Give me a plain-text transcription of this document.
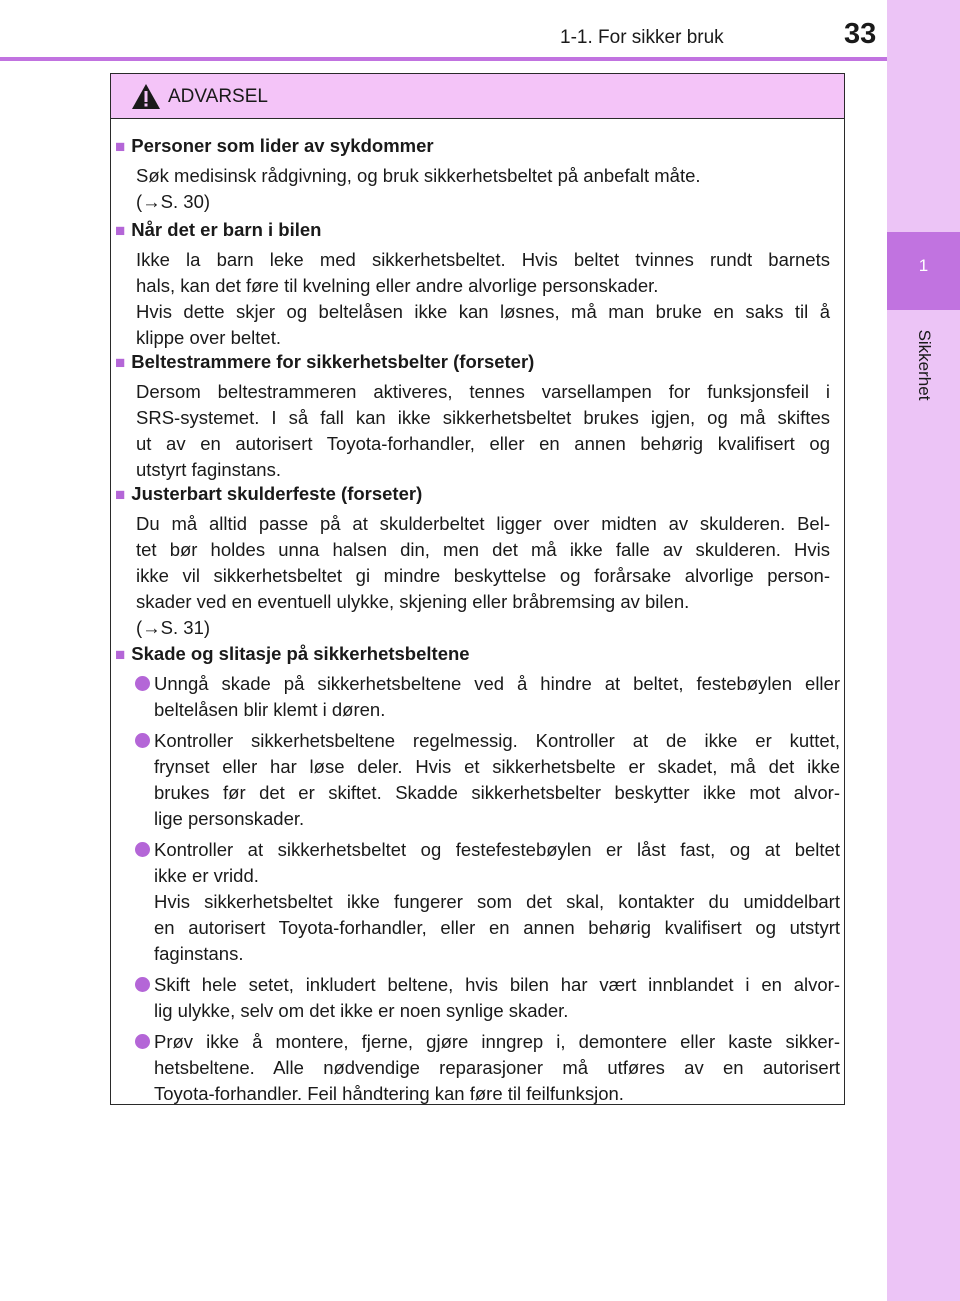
1
Sikkerhet
1-1. For sikker bruk	33
ADVARSEL
■ Personer som lider av sykdommer
Søk medisinsk rådgivning, og bruk sikkerhetsbeltet på anbefalt måte.
(→S. 30)
■ Når det er barn i bilen
Ikke la barn leke med sikkerhetsbeltet. Hvis beltet tvinnes rundt barnets
hals, kan det føre til kvelning eller andre alvorlige personskader.
Hvis dette skjer og beltelåsen ikke kan løsnes, må man bruke en saks til å
klippe over beltet.
■ Beltestrammere for sikkerhetsbelter (forseter)
Dersom beltestrammeren aktiveres, tennes varsellampen for funksjonsfeil i
SRS-systemet. I så fall kan ikke sikkerhetsbeltet brukes igjen, og må skiftes
ut av en autorisert Toyota-forhandler, eller en annen behørig kvalifisert og
utstyrt faginstans.
■ Justerbart skulderfeste (forseter)
Du må alltid passe på at skulderbeltet ligger over midten av skulderen. Bel-
tet bør holdes unna halsen din, men det må ikke falle av skulderen. Hvis
ikke vil sikkerhetsbeltet gi mindre beskyttelse og forårsake alvorlige person-
skader ved en eventuell ulykke, skjening eller bråbremsing av bilen.
(→S. 31)
■ Skade og slitasje på sikkerhetsbeltene
Unngå skade på sikkerhetsbeltene ved å hindre at beltet, festebøylen eller
beltelåsen blir klemt i døren.
Kontroller sikkerhetsbeltene regelmessig. Kontroller at de ikke er kuttet,
frynset eller har løse deler. Hvis et sikkerhetsbelte er skadet, må det ikke
brukes før det er skiftet. Skadde sikkerhetsbelter beskytter ikke mot alvor-
lige personskader.
Kontroller at sikkerhetsbeltet og festefestebøylen er låst fast, og at beltet
ikke er vridd.
Hvis sikkerhetsbeltet ikke fungerer som det skal, kontakter du umiddelbart
en autorisert Toyota-forhandler, eller en annen behørig kvalifisert og utstyrt
faginstans.
Skift hele setet, inkludert beltene, hvis bilen har vært innblandet i en alvor-
lig ulykke, selv om det ikke er noen synlige skader.
Prøv ikke å montere, fjerne, gjøre inngrep i, demontere eller kaste sikker-
hetsbeltene. Alle nødvendige reparasjoner må utføres av en autorisert
Toyota-forhandler. Feil håndtering kan føre til feilfunksjon.
